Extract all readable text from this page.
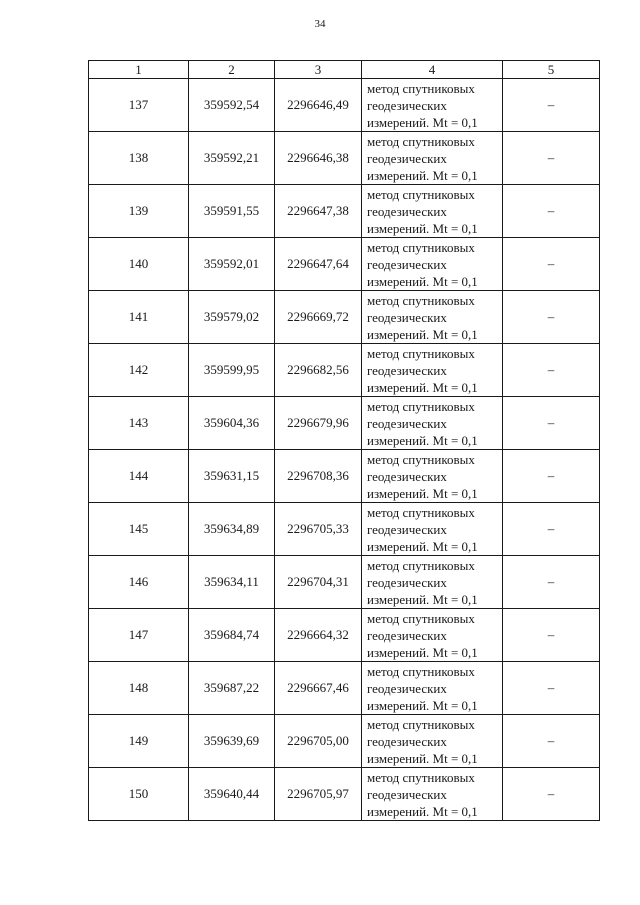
34
1	2	3	4	5
137	359592,54	2296646,49	метод спутниковых
геодезических
измерений. Mt = 0,1	–
138	359592,21	2296646,38	метод спутниковых
геодезических
измерений. Mt = 0,1	–
139	359591,55	2296647,38	метод спутниковых
геодезических
измерений. Mt = 0,1	–
140	359592,01	2296647,64	метод спутниковых
геодезических
измерений. Mt = 0,1	–
141	359579,02	2296669,72	метод спутниковых
геодезических
измерений. Mt = 0,1	–
142	359599,95	2296682,56	метод спутниковых
геодезических
измерений. Mt = 0,1	–
143	359604,36	2296679,96	метод спутниковых
геодезических
измерений. Mt = 0,1	–
144	359631,15	2296708,36	метод спутниковых
геодезических
измерений. Mt = 0,1	–
145	359634,89	2296705,33	метод спутниковых
геодезических
измерений. Mt = 0,1	–
146	359634,11	2296704,31	метод спутниковых
геодезических
измерений. Mt = 0,1	–
147	359684,74	2296664,32	метод спутниковых
геодезических
измерений. Mt = 0,1	–
148	359687,22	2296667,46	метод спутниковых
геодезических
измерений. Mt = 0,1	–
149	359639,69	2296705,00	метод спутниковых
геодезических
измерений. Mt = 0,1	–
150	359640,44	2296705,97	метод спутниковых
геодезических
измерений. Mt = 0,1	–
